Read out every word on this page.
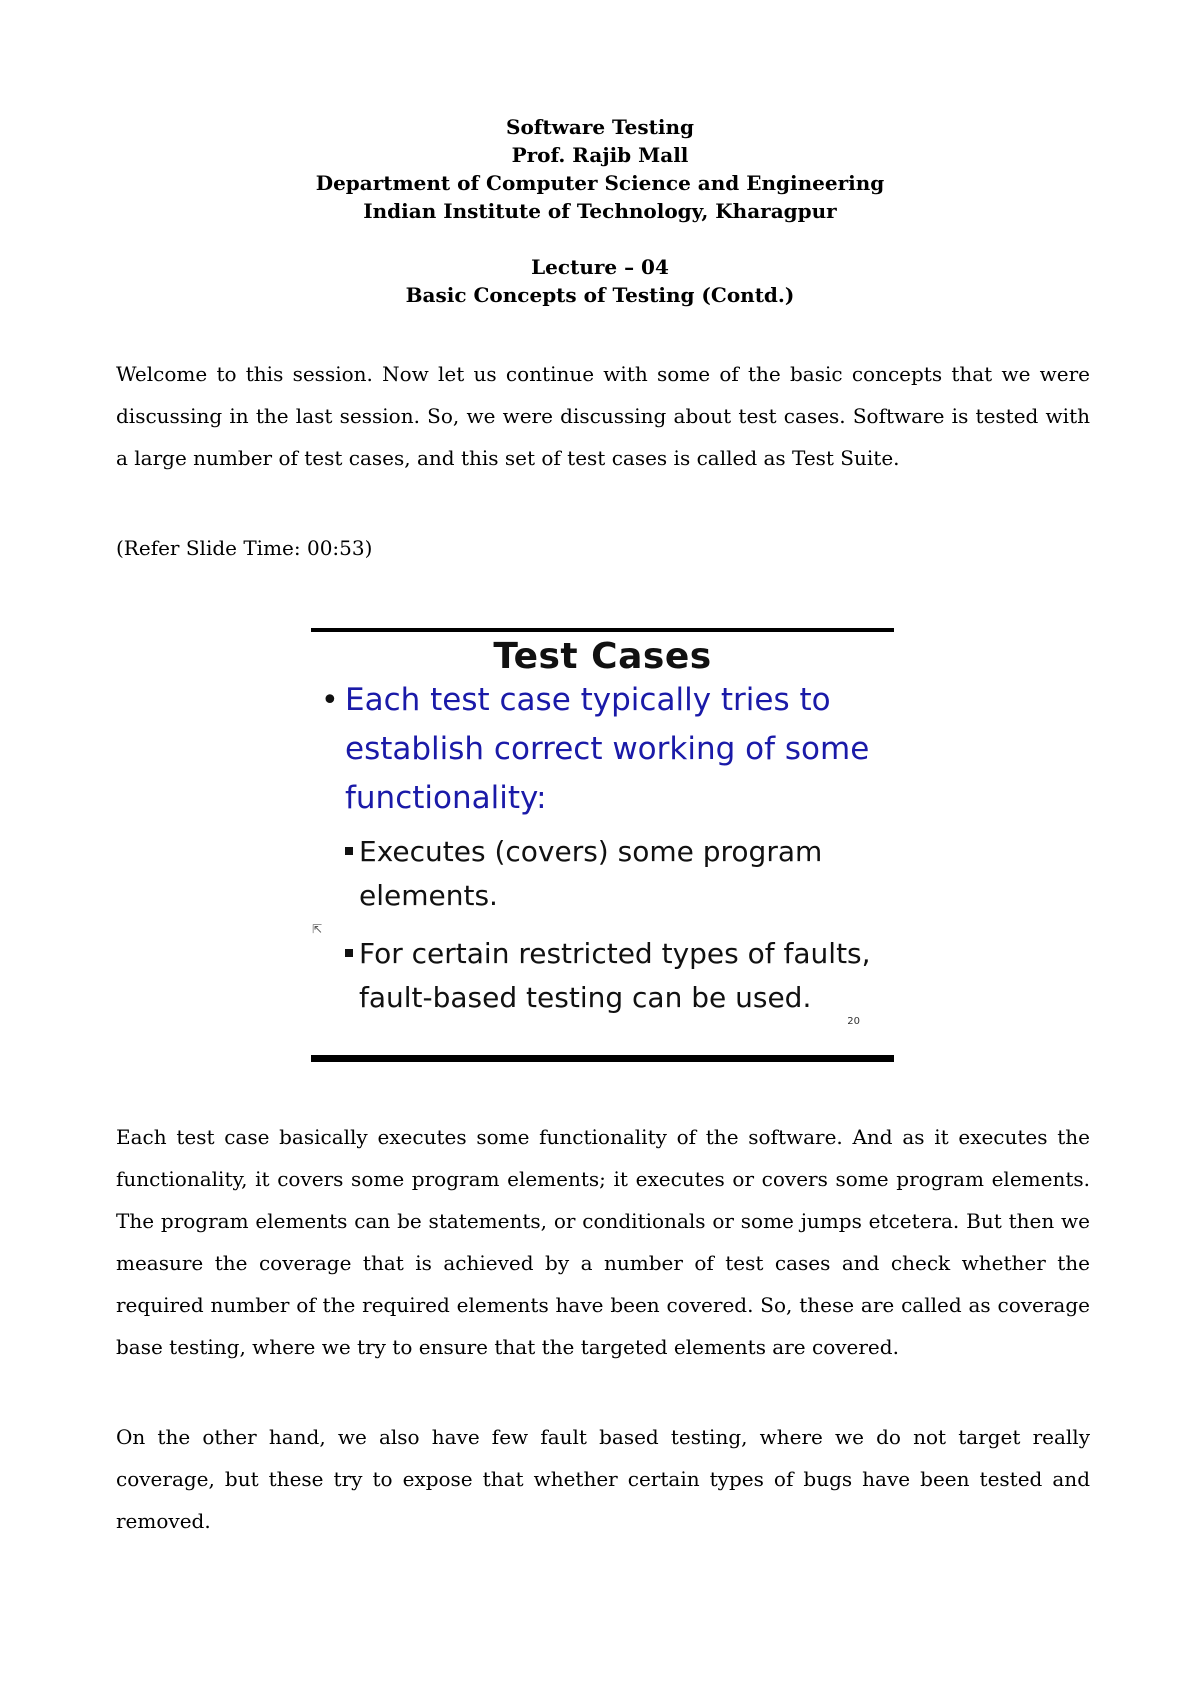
Software Testing
Prof. Rajib Mall
Department of Computer Science and Engineering
Indian Institute of Technology, Kharagpur
Lecture – 04
Basic Concepts of Testing (Contd.)

Welcome to this session. Now let us continue with some of the basic concepts that we were discussing in the last session. So, we were discussing about test cases. Software is tested with a large number of test cases, and this set of test cases is called as Test Suite.

(Refer Slide Time: 00:53)

Test Cases
• Each test case typically tries to establish correct working of some functionality:
Executes (covers) some program elements.
For certain restricted types of faults, fault-based testing can be used.
⇱
20

Each test case basically executes some functionality of the software. And as it executes the functionality, it covers some program elements; it executes or covers some program elements. The program elements can be statements, or conditionals or some jumps etcetera. But then we measure the coverage that is achieved by a number of test cases and check whether the required number of the required elements have been covered. So, these are called as coverage base testing, where we try to ensure that the targeted elements are covered.

On the other hand, we also have few fault based testing, where we do not target really coverage, but these try to expose that whether certain types of bugs have been tested and removed.
